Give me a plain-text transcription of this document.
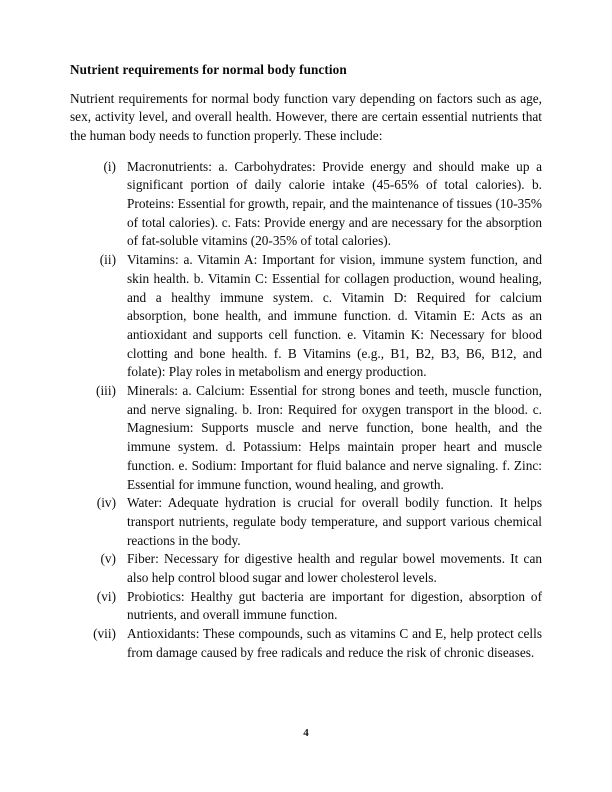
Nutrient requirements for normal body function

Nutrient requirements for normal body function vary depending on factors such as age, sex, activity level, and overall health. However, there are certain essential nutrients that the human body needs to function properly. These include:

(i) Macronutrients: a. Carbohydrates: Provide energy and should make up a significant portion of daily calorie intake (45-65% of total calories). b. Proteins: Essential for growth, repair, and the maintenance of tissues (10-35% of total calories). c. Fats: Provide energy and are necessary for the absorption of fat-soluble vitamins (20-35% of total calories).
(ii) Vitamins: a. Vitamin A: Important for vision, immune system function, and skin health. b. Vitamin C: Essential for collagen production, wound healing, and a healthy immune system. c. Vitamin D: Required for calcium absorption, bone health, and immune function. d. Vitamin E: Acts as an antioxidant and supports cell function. e. Vitamin K: Necessary for blood clotting and bone health. f. B Vitamins (e.g., B1, B2, B3, B6, B12, and folate): Play roles in metabolism and energy production.
(iii) Minerals: a. Calcium: Essential for strong bones and teeth, muscle function, and nerve signaling. b. Iron: Required for oxygen transport in the blood. c. Magnesium: Supports muscle and nerve function, bone health, and the immune system. d. Potassium: Helps maintain proper heart and muscle function. e. Sodium: Important for fluid balance and nerve signaling. f. Zinc: Essential for immune function, wound healing, and growth.
(iv) Water: Adequate hydration is crucial for overall bodily function. It helps transport nutrients, regulate body temperature, and support various chemical reactions in the body.
(v) Fiber: Necessary for digestive health and regular bowel movements. It can also help control blood sugar and lower cholesterol levels.
(vi) Probiotics: Healthy gut bacteria are important for digestion, absorption of nutrients, and overall immune function.
(vii) Antioxidants: These compounds, such as vitamins C and E, help protect cells from damage caused by free radicals and reduce the risk of chronic diseases.
4
